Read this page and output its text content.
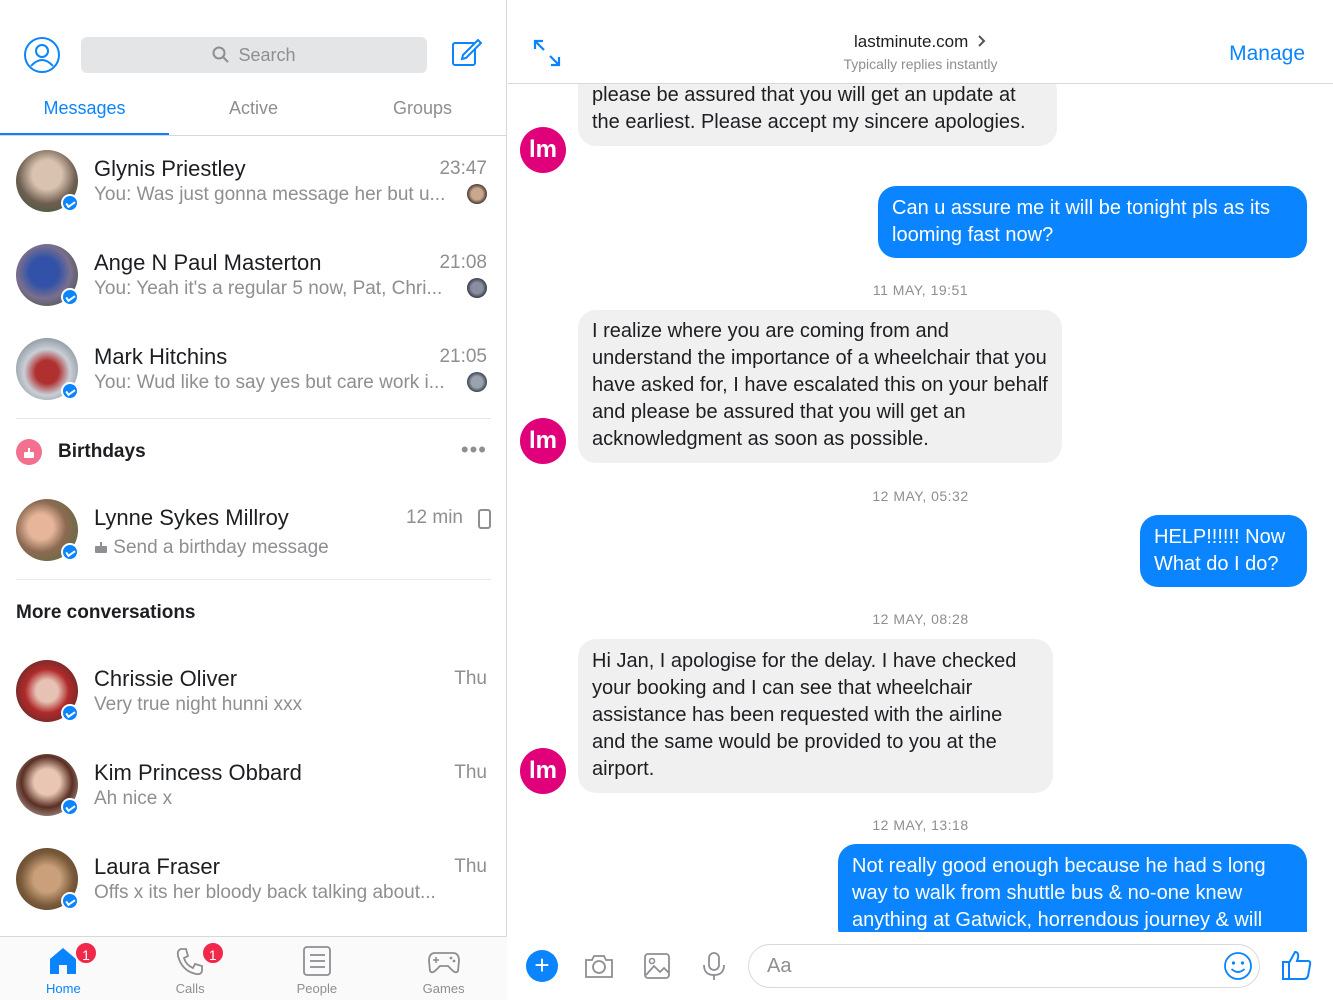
Search
Messages	Active	Groups
Glynis Priestley	23:47
You: Was just gonna message her but u...
Ange N Paul Masterton	21:08
You: Yeah it's a regular 5 now, Pat, Chri...
Mark Hitchins	21:05
You: Wud like to say yes but care work i...
Birthdays	•••
Lynne Sykes Millroy	12 min
Send a birthday message
More conversations
Chrissie Oliver	Thu
Very true night hunni xxx
Kim Princess Obbard	Thu
Ah nice x
Laura Fraser	Thu
Offs x its her bloody back talking about...
1
Home
1
Calls	People	Games
lastminute.com
Typically replies instantly	Manage
lm
please be assured that you will get an update at the earliest. Please accept my sincere apologies.
Can u assure me it will be tonight pls as its looming fast now?
11 MAY, 19:51
lm
I realize where you are coming from and understand the importance of a wheelchair that you have asked for, I have escalated this on your behalf and please be assured that you will get an acknowledgment as soon as possible.
12 MAY, 05:32
HELP!!!!!! Now What do I do?
12 MAY, 08:28
lm
Hi Jan, I apologise for the delay. I have checked your booking and I can see that wheelchair assistance has been requested with the airline and the same would be provided to you at the airport.
12 MAY, 13:18
Not really good enough because he had s long way to walk from shuttle bus & no-one knew anything at Gatwick, horrendous journey & will
+
Aa
